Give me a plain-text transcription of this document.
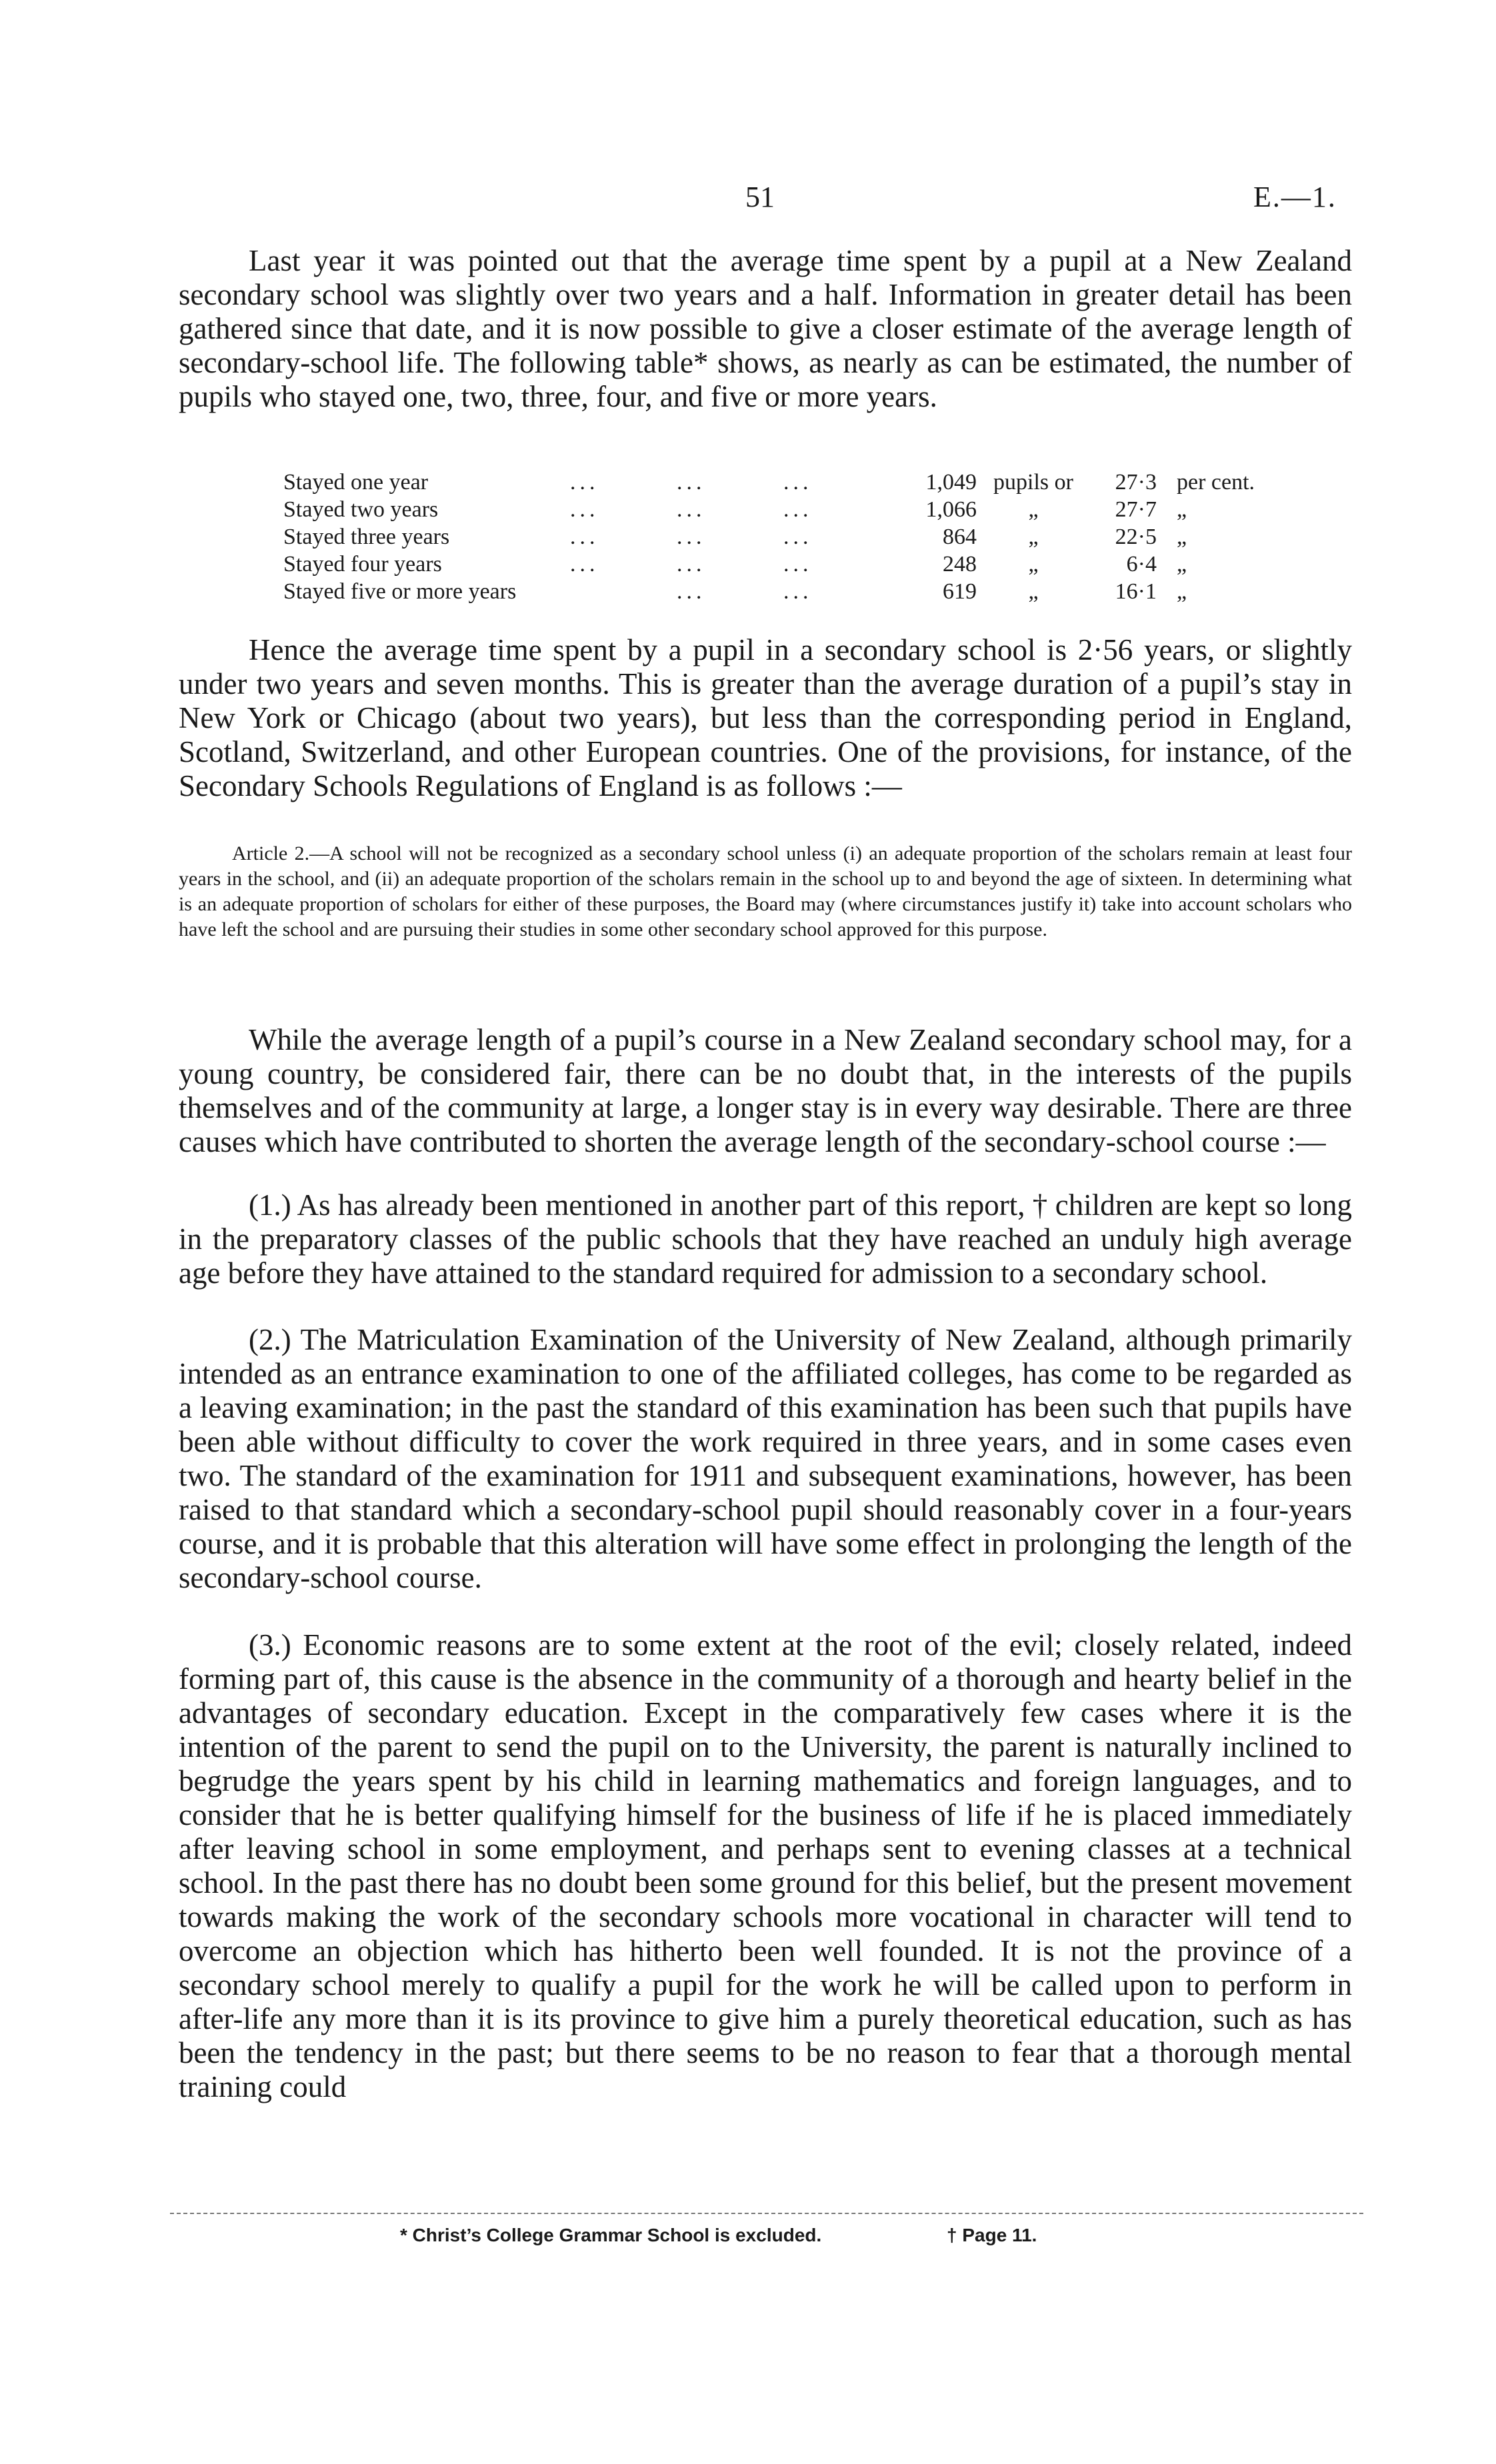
51	E.—1.

Last year it was pointed out that the average time spent by a pupil at a New Zealand secondary school was slightly over two years and a half. Information in greater detail has been gathered since that date, and it is now possible to give a closer estimate of the average length of secondary-school life. The following table* shows, as nearly as can be estimated, the number of pupils who stayed one, two, three, four, and five or more years.

Stayed one year	...	...	...	1,049 pupils or	27·3 per cent.
Stayed two years	...	...	...	1,066	„	27·7 „
Stayed three years	...	...	...	864	„	22·5 „
Stayed four years	...	...	...	248	„	6·4 „
Stayed five or more years	...	...	619	„	16·1 „

Hence the average time spent by a pupil in a secondary school is 2·56 years, or slightly under two years and seven months. This is greater than the average duration of a pupil’s stay in New York or Chicago (about two years), but less than the corresponding period in England, Scotland, Switzerland, and other European countries. One of the provisions, for instance, of the Secondary Schools Regulations of England is as follows :—

Article 2.—A school will not be recognized as a secondary school unless (i) an adequate proportion of the scholars remain at least four years in the school, and (ii) an adequate proportion of the scholars remain in the school up to and beyond the age of sixteen. In determining what is an adequate proportion of scholars for either of these purposes, the Board may (where circumstances justify it) take into account scholars who have left the school and are pursuing their studies in some other secondary school approved for this purpose.

While the average length of a pupil’s course in a New Zealand secondary school may, for a young country, be considered fair, there can be no doubt that, in the interests of the pupils themselves and of the community at large, a longer stay is in every way desirable. There are three causes which have contributed to shorten the average length of the secondary-school course :—

(1.) As has already been mentioned in another part of this report, † children are kept so long in the preparatory classes of the public schools that they have reached an unduly high average age before they have attained to the standard required for admission to a secondary school.

(2.) The Matriculation Examination of the University of New Zealand, although primarily intended as an entrance examination to one of the affiliated colleges, has come to be regarded as a leaving examination; in the past the standard of this examination has been such that pupils have been able without difficulty to cover the work required in three years, and in some cases even two. The standard of the examination for 1911 and subsequent examinations, however, has been raised to that standard which a secondary-school pupil should reasonably cover in a four-years course, and it is probable that this alteration will have some effect in prolonging the length of the secondary-school course.

(3.) Economic reasons are to some extent at the root of the evil; closely related, indeed forming part of, this cause is the absence in the community of a thorough and hearty belief in the advantages of secondary education. Except in the comparatively few cases where it is the intention of the parent to send the pupil on to the University, the parent is naturally inclined to begrudge the years spent by his child in learning mathematics and foreign languages, and to consider that he is better qualifying himself for the business of life if he is placed immediately after leaving school in some employment, and perhaps sent to evening classes at a technical school. In the past there has no doubt been some ground for this belief, but the present movement towards making the work of the secondary schools more vocational in character will tend to overcome an objection which has hitherto been well founded. It is not the province of a secondary school merely to qualify a pupil for the work he will be called upon to perform in after-life any more than it is its province to give him a purely theoretical education, such as has been the tendency in the past; but there seems to be no reason to fear that a thorough mental training could

* Christ’s College Grammar School is excluded.	† Page 11.
